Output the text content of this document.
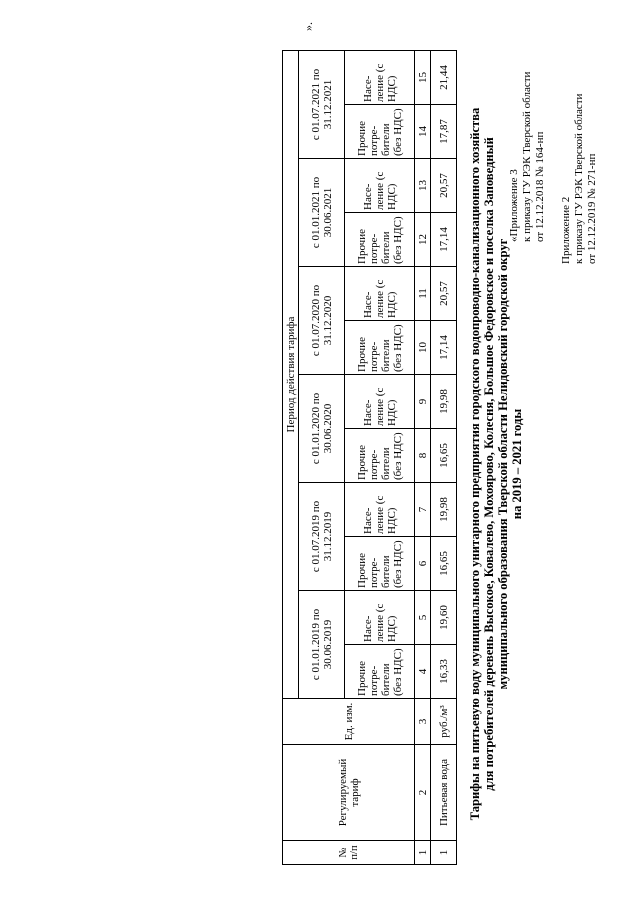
Приложение 2 к приказу ГУ РЭК Тверской области от 12.12.2019 № 271-нп
«Приложение 3 к приказу ГУ РЭК Тверской области от 12.12.2018 № 164-нп
Тарифы на питьевую воду муниципального унитарного предприятия городского водопроводно-канализационного хозяйства для потребителей деревень Высокое, Ковалево, Мохоярово, Колесня, Большое Федоровское и поселка Заповедный муниципального образования Тверской области Нелидовский городской округ на 2019 – 2021 годы
№ п/п	Регулируемый тариф	Ед. изм.	Период действия тарифа											
			с 01.01.2019 по 30.06.2019		с 01.07.2019 по 31.12.2019		с 01.01.2020 по 30.06.2020		с 01.07.2020 по 31.12.2020		с 01.01.2021 по 30.06.2021		с 01.07.2021 по 31.12.2021	
			Прочие потре- бители (без НДС)	Насе- ление (с НДС)	Прочие потре- бители (без НДС)	Насе- ление (с НДС)	Прочие потре- бители (без НДС)	Насе- ление (с НДС)	Прочие потре- бители (без НДС)	Насе- ление (с НДС)	Прочие потре- бители (без НДС)	Насе- ление (с НДС)	Прочие потре- бители (без НДС)	Насе- ление (с НДС)
1	2	3	4	5	6	7	8	9	10	11	12	13	14	15
1	Питьевая вода	руб./м³	16,33	19,60	16,65	19,98	16,65	19,98	17,14	20,57	17,14	20,57	17,87	21,44
».
